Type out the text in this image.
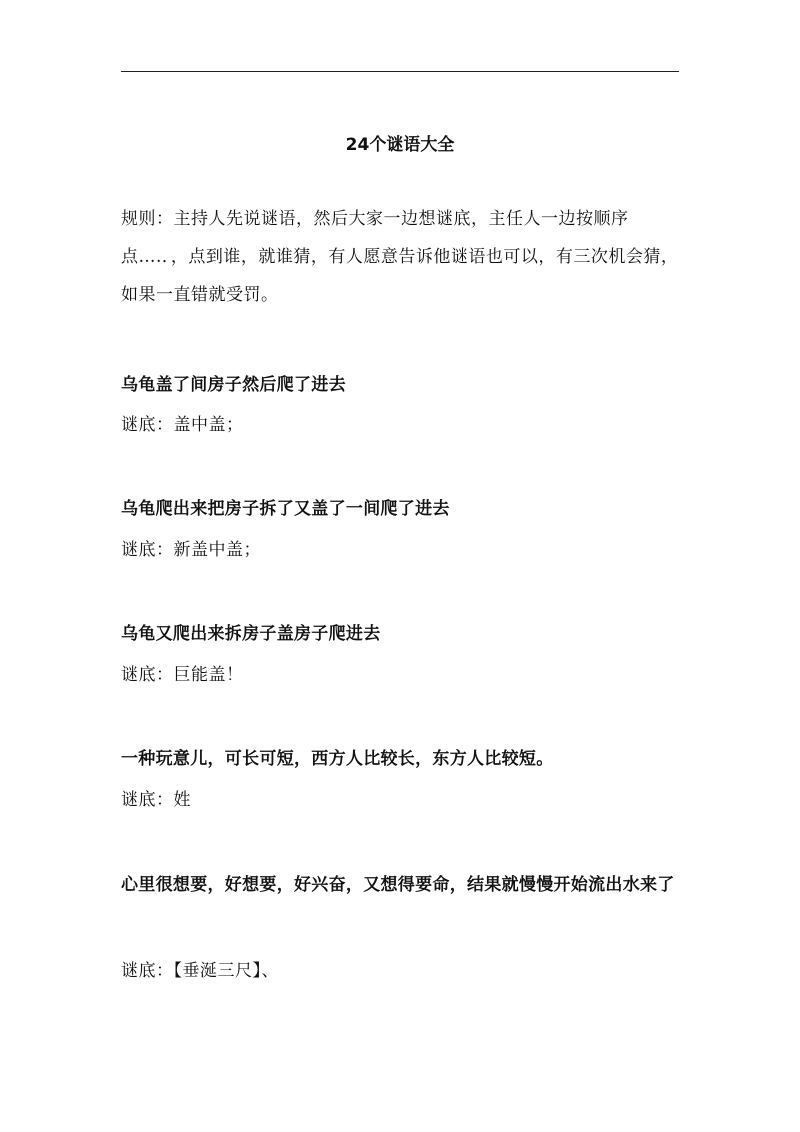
24个谜语大全
规则：主持人先说谜语，然后大家一边想谜底，主任人一边按顺序点….．，点到谁，就谁猜，有人愿意告诉他谜语也可以，有三次机会猜，如果一直错就受罚。
乌龟盖了间房子然后爬了进去
谜底：盖中盖；
乌龟爬出来把房子拆了又盖了一间爬了进去
谜底：新盖中盖；
乌龟又爬出来拆房子盖房子爬进去
谜底：巨能盖！
一种玩意儿，可长可短，西方人比较长，东方人比较短。
谜底：姓
心里很想要，好想要，好兴奋，又想得要命，结果就慢慢开始流出水来了
谜底：【垂涎三尺】、
